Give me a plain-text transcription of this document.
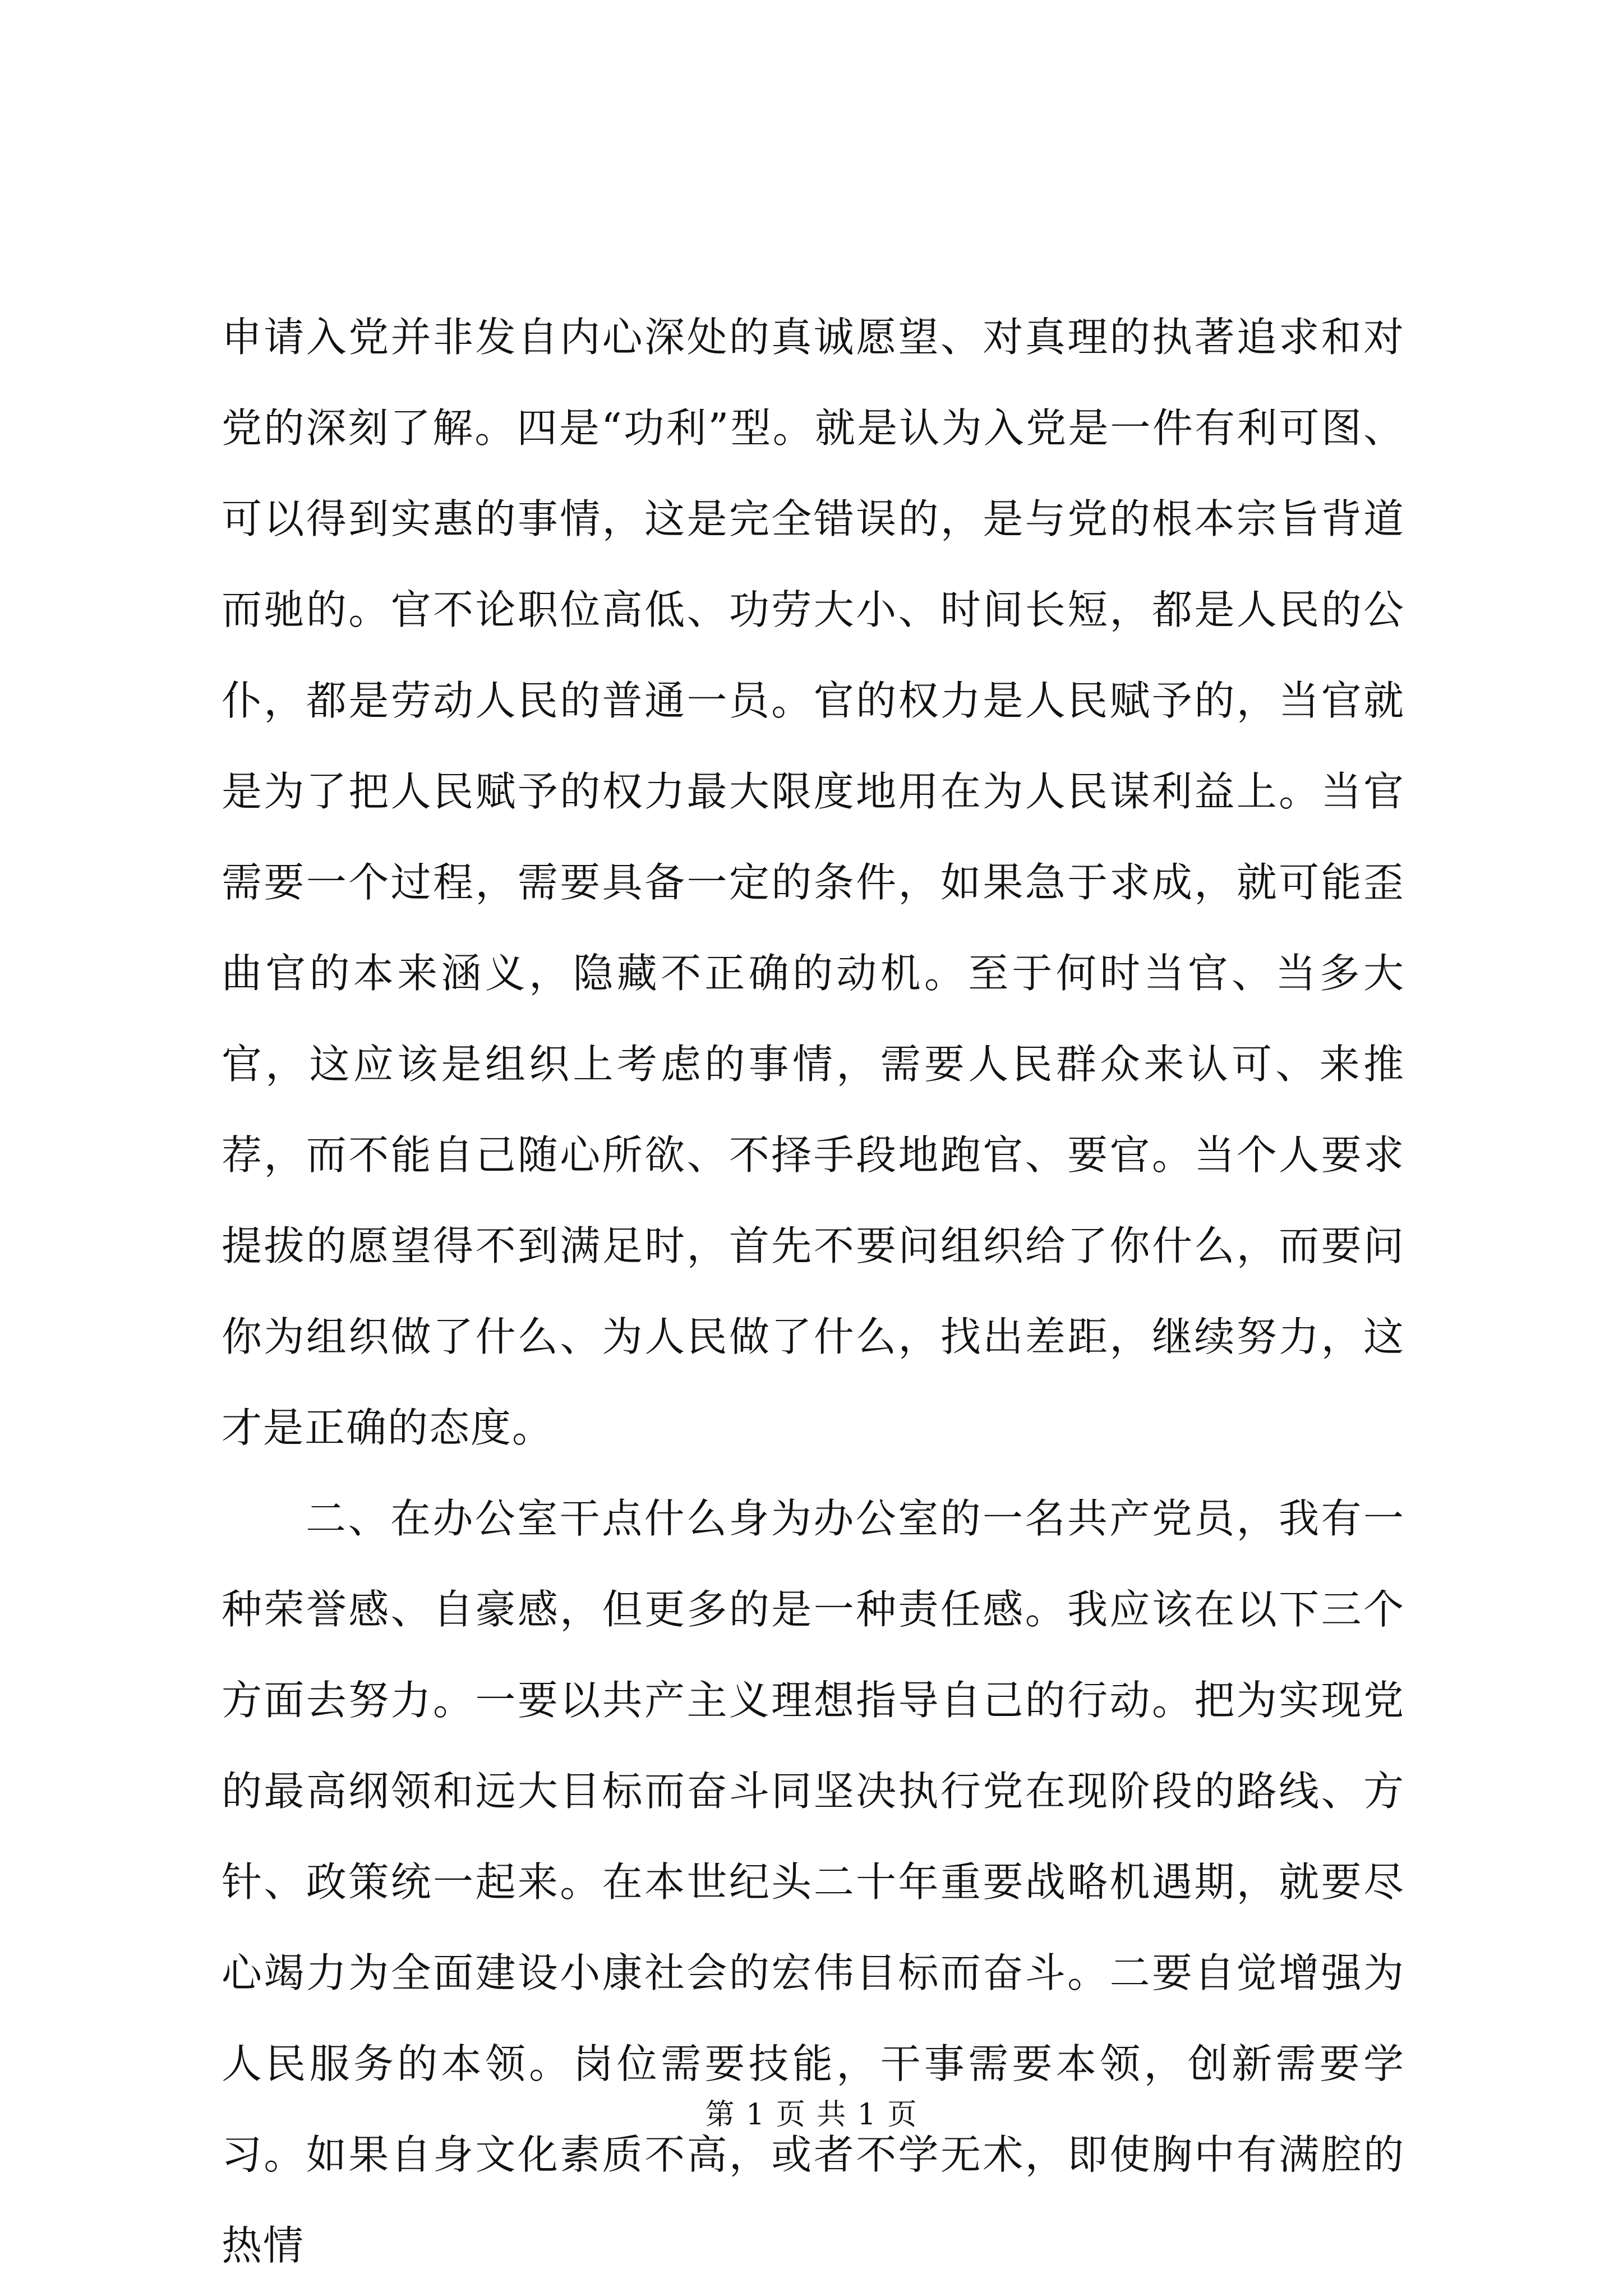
申请入党并非发自内心深处的真诚愿望、对真理的执著追求和对党的深刻了解。四是“功利”型。就是认为入党是一件有利可图、可以得到实惠的事情，这是完全错误的，是与党的根本宗旨背道而驰的。官不论职位高低、功劳大小、时间长短，都是人民的公仆，都是劳动人民的普通一员。官的权力是人民赋予的，当官就是为了把人民赋予的权力最大限度地用在为人民谋利益上。当官需要一个过程，需要具备一定的条件，如果急于求成，就可能歪曲官的本来涵义，隐藏不正确的动机。至于何时当官、当多大官，这应该是组织上考虑的事情，需要人民群众来认可、来推荐，而不能自己随心所欲、不择手段地跑官、要官。当个人要求提拔的愿望得不到满足时，首先不要问组织给了你什么，而要问你为组织做了什么、为人民做了什么，找出差距，继续努力，这才是正确的态度。

二、在办公室干点什么身为办公室的一名共产党员，我有一种荣誉感、自豪感，但更多的是一种责任感。我应该在以下三个方面去努力。一要以共产主义理想指导自己的行动。把为实现党的最高纲领和远大目标而奋斗同坚决执行党在现阶段的路线、方针、政策统一起来。在本世纪头二十年重要战略机遇期，就要尽心竭力为全面建设小康社会的宏伟目标而奋斗。二要自觉增强为人民服务的本领。岗位需要技能，干事需要本领，创新需要学习。如果自身文化素质不高，或者不学无术，即使胸中有满腔的热情

第 1 页 共 1 页
